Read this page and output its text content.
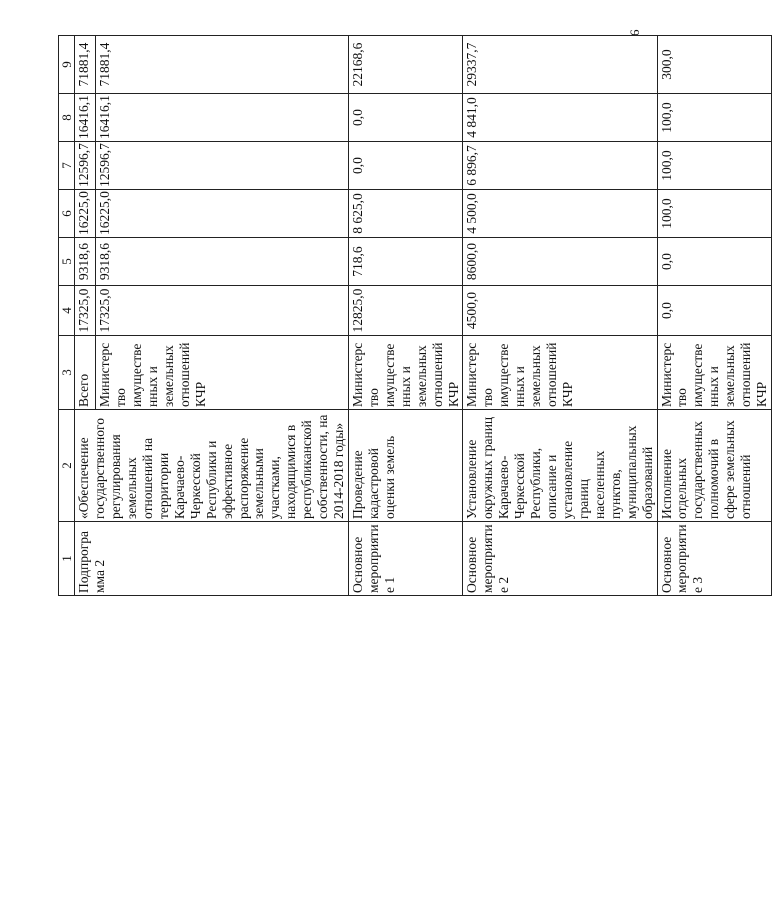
6
1	2	3	4	5	6	7	8	9
Подпрограмма 2	«Обеспечение государственного регулирования земельных отношений на территории Карачаево-Черкесской Республики и эффективное распоряжение земельными участками, находящимися в республиканской собственности, на 2014-2018 годы»	Всего	17325,0	9318,6	16225,0	12596,7	16416,1	71881,4
		Министерство имущественных и земельных отношений КЧР	17325,0	9318,6	16225,0	12596,7	16416,1	71881,4
Основное мероприятие 1	Проведение кадастровой оценки земель	Министерство имущественных и земельных отношений КЧР	12825,0	718,6	8 625,0	0,0	0,0	22168,6
Основное мероприятие 2	Установление окружных границ Карачаево-Черкесской Республики, описание и установление границ населенных пунктов, муниципальных образований	Министерство имущественных и земельных отношений КЧР	4500,0	8600,0	4 500,0	6 896,7	4 841,0	29337,7
Основное мероприятие 3	Исполнение отдельных государственных полномочий в сфере земельных отношений	Министерство имущественных и земельных отношений КЧР	0,0	0,0	100,0	100,0	100,0	300,0
